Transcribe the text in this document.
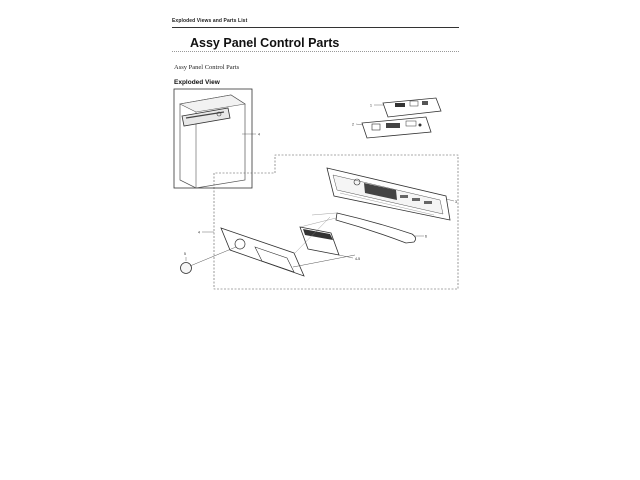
Exploded Views and Parts List
Assy Panel Control Parts
Assy Panel Control Parts
Exploded View
4
1
2
4
3
6
4-5
5
